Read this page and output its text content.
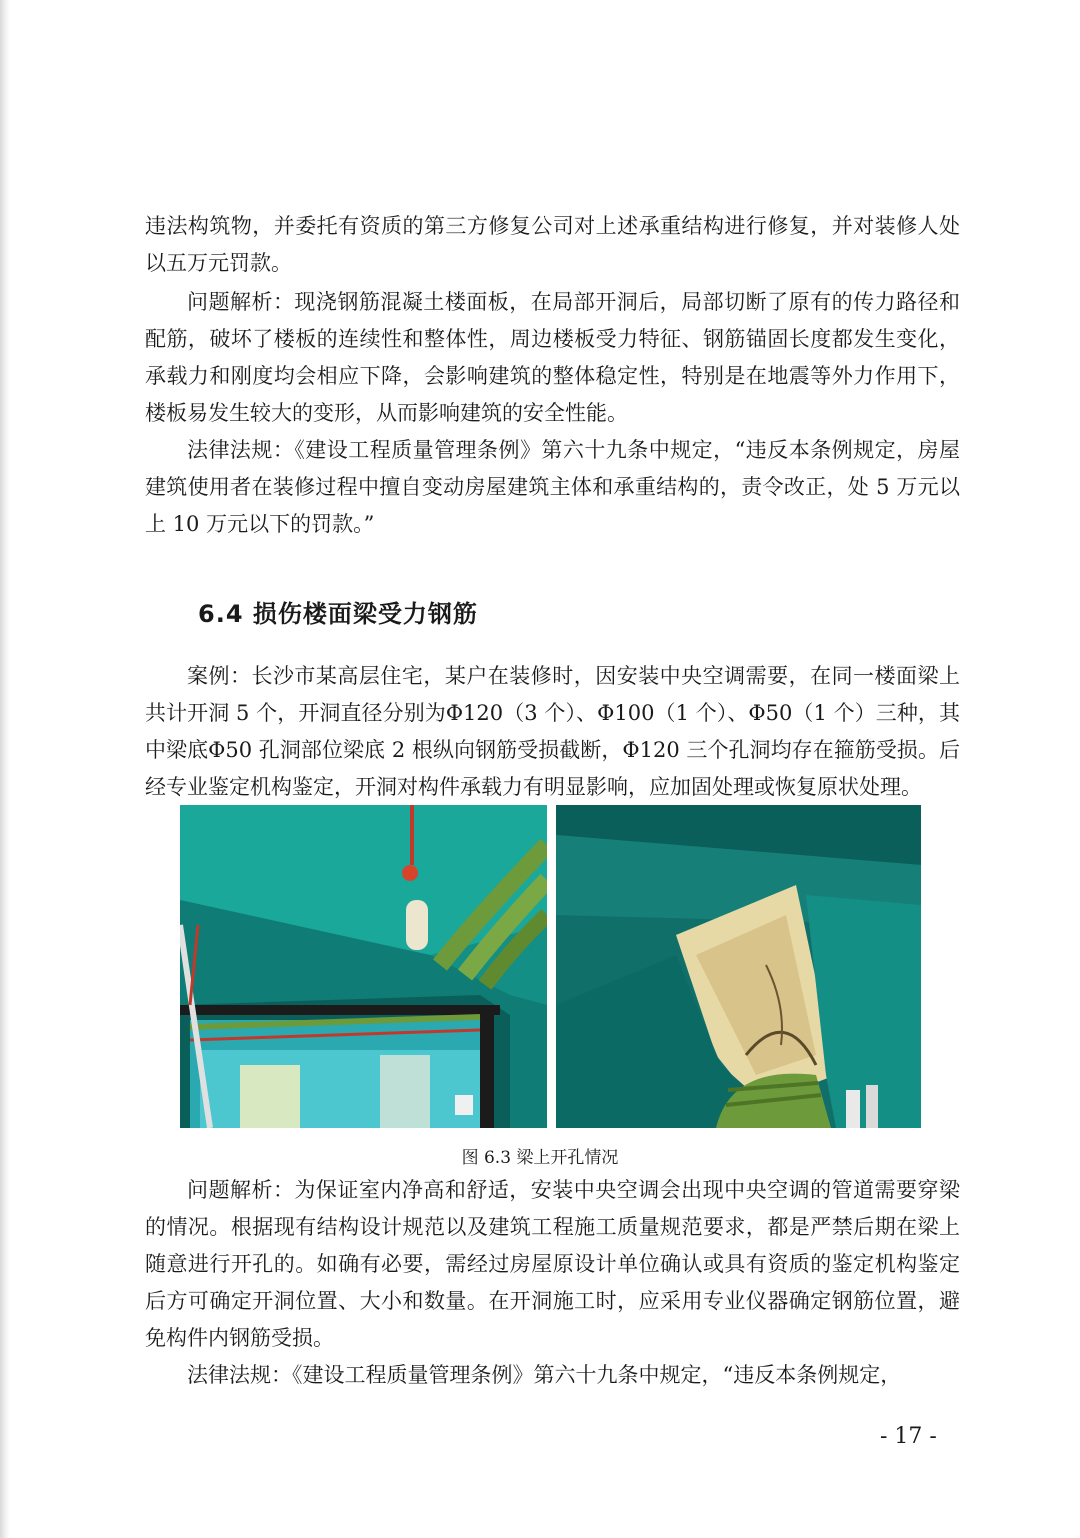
违法构筑物，并委托有资质的第三方修复公司对上述承重结构进行修复，并对装修人处以五万元罚款。

问题解析：现浇钢筋混凝土楼面板，在局部开洞后，局部切断了原有的传力路径和配筋，破坏了楼板的连续性和整体性，周边楼板受力特征、钢筋锚固长度都发生变化，承载力和刚度均会相应下降，会影响建筑的整体稳定性，特别是在地震等外力作用下，楼板易发生较大的变形，从而影响建筑的安全性能。

法律法规：《建设工程质量管理条例》第六十九条中规定，“违反本条例规定，房屋建筑使用者在装修过程中擅自变动房屋建筑主体和承重结构的，责令改正，处 5 万元以上 10 万元以下的罚款。”

6.4 损伤楼面梁受力钢筋

案例：长沙市某高层住宅，某户在装修时，因安装中央空调需要，在同一楼面梁上共计开洞 5 个，开洞直径分别为Φ120（3 个）、Φ100（1 个）、Φ50（1 个）三种，其中梁底Φ50 孔洞部位梁底 2 根纵向钢筋受损截断，Φ120 三个孔洞均存在箍筋受损。后经专业鉴定机构鉴定，开洞对构件承载力有明显影响，应加固处理或恢复原状处理。

图 6.3 梁上开孔情况

问题解析：为保证室内净高和舒适，安装中央空调会出现中央空调的管道需要穿梁的情况。根据现有结构设计规范以及建筑工程施工质量规范要求，都是严禁后期在梁上随意进行开孔的。如确有必要，需经过房屋原设计单位确认或具有资质的鉴定机构鉴定后方可确定开洞位置、大小和数量。在开洞施工时，应采用专业仪器确定钢筋位置，避免构件内钢筋受损。

法律法规：《建设工程质量管理条例》第六十九条中规定，“违反本条例规定，

- 17 -
